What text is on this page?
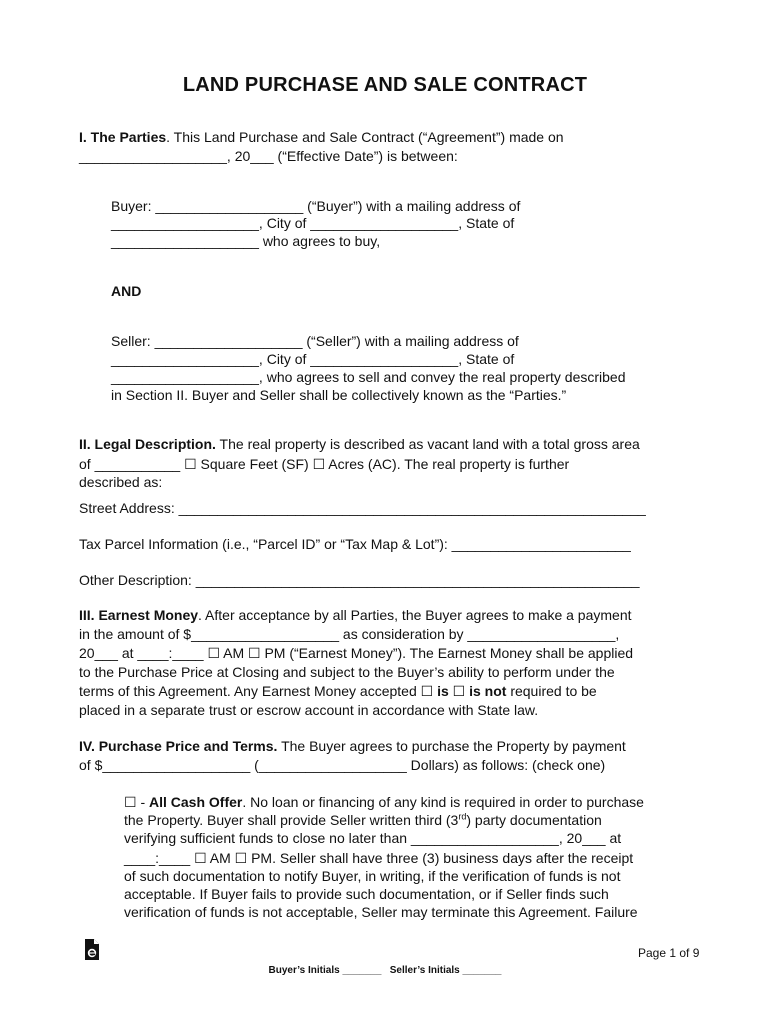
LAND PURCHASE AND SALE CONTRACT
I. The Parties. This Land Purchase and Sale Contract (“Agreement”) made on
___________________, 20___ (“Effective Date”) is between:
Buyer: ___________________ (“Buyer”) with a mailing address of
___________________, City of ___________________, State of
___________________ who agrees to buy,
AND
Seller: ___________________ (“Seller”) with a mailing address of
___________________, City of ___________________, State of
___________________, who agrees to sell and convey the real property described
in Section II. Buyer and Seller shall be collectively known as the “Parties.”
II. Legal Description. The real property is described as vacant land with a total gross area
of ___________ ☐ Square Feet (SF) ☐ Acres (AC). The real property is further
described as:
Street Address: ____________________________________________________________
Tax Parcel Information (i.e., “Parcel ID” or “Tax Map & Lot”): _______________________
Other Description: _________________________________________________________
III. Earnest Money. After acceptance by all Parties, the Buyer agrees to make a payment
in the amount of $___________________ as consideration by ___________________,
20___ at ____:____ ☐ AM ☐ PM (“Earnest Money”). The Earnest Money shall be applied
to the Purchase Price at Closing and subject to the Buyer’s ability to perform under the
terms of this Agreement. Any Earnest Money accepted ☐ is ☐ is not required to be
placed in a separate trust or escrow account in accordance with State law.
IV. Purchase Price and Terms. The Buyer agrees to purchase the Property by payment
of $___________________ (___________________ Dollars) as follows: (check one)
☐ - All Cash Offer. No loan or financing of any kind is required in order to purchase
the Property. Buyer shall provide Seller written third (3rd) party documentation
verifying sufficient funds to close no later than ___________________, 20___ at
____:____ ☐ AM ☐ PM. Seller shall have three (3) business days after the receipt
of such documentation to notify Buyer, in writing, if the verification of funds is not
acceptable. If Buyer fails to provide such documentation, or if Seller finds such
verification of funds is not acceptable, Seller may terminate this Agreement. Failure
Page 1 of 9
Buyer’s Initials _______   Seller’s Initials _______
